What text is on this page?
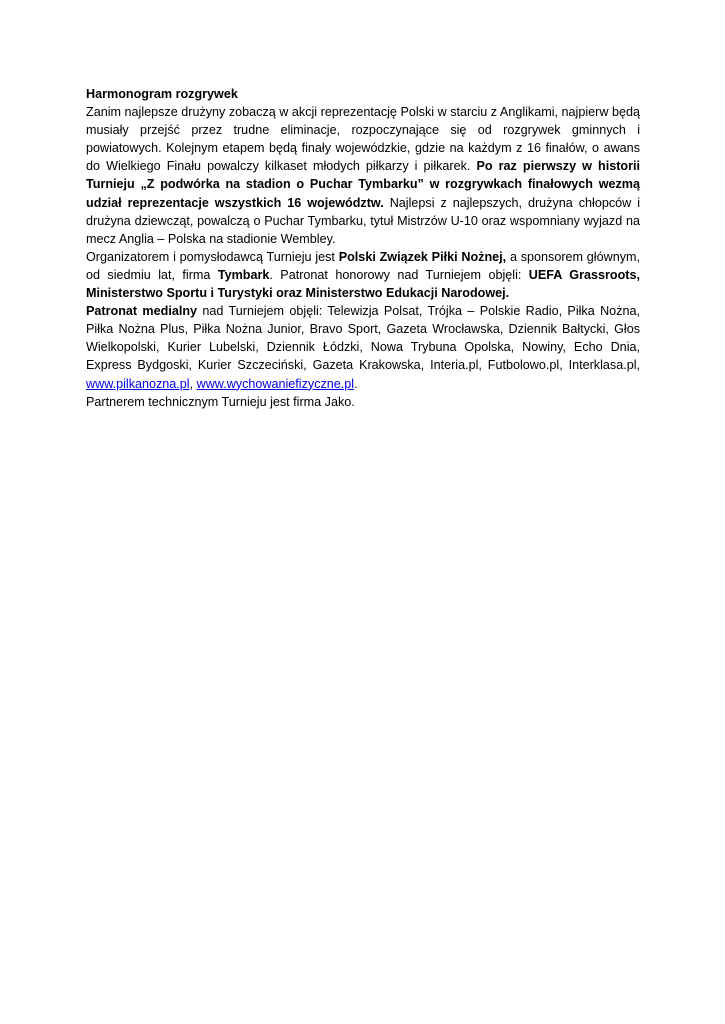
Harmonogram rozgrywek

Zanim najlepsze drużyny zobaczą w akcji reprezentację Polski w starciu z Anglikami, najpierw będą musiały przejść przez trudne eliminacje, rozpoczynające się od rozgrywek gminnych i powiatowych. Kolejnym etapem będą finały wojewódzkie, gdzie na każdym z 16 finałów, o awans do Wielkiego Finału powalczy kilkaset młodych piłkarzy i piłkarek. Po raz pierwszy w historii Turnieju „Z podwórka na stadion o Puchar Tymbarku” w rozgrywkach finałowych wezmą udział reprezentacje wszystkich 16 województw. Najlepsi z najlepszych, drużyna chłopców i drużyna dziewcząt, powalczą o Puchar Tymbarku, tytuł Mistrzów U-10 oraz wspomniany wyjazd na mecz Anglia – Polska na stadionie Wembley.

Organizatorem i pomysłodawcą Turnieju jest Polski Związek Piłki Nożnej, a sponsorem głównym, od siedmiu lat, firma Tymbark. Patronat honorowy nad Turniejem objęli: UEFA Grassroots, Ministerstwo Sportu i Turystyki oraz Ministerstwo Edukacji Narodowej.

Patronat medialny nad Turniejem objęli: Telewizja Polsat, Trójka – Polskie Radio, Piłka Nożna, Piłka Nożna Plus, Piłka Nożna Junior, Bravo Sport, Gazeta Wrocławska, Dziennik Bałtycki, Głos Wielkopolski, Kurier Lubelski, Dziennik Łódzki, Nowa Trybuna Opolska, Nowiny, Echo Dnia, Express Bydgoski, Kurier Szczeciński, Gazeta Krakowska, Interia.pl, Futbolowo.pl, Interklasa.pl, www.pilkanozna.pl, www.wychowaniefizyczne.pl.

Partnerem technicznym Turnieju jest firma Jako.
